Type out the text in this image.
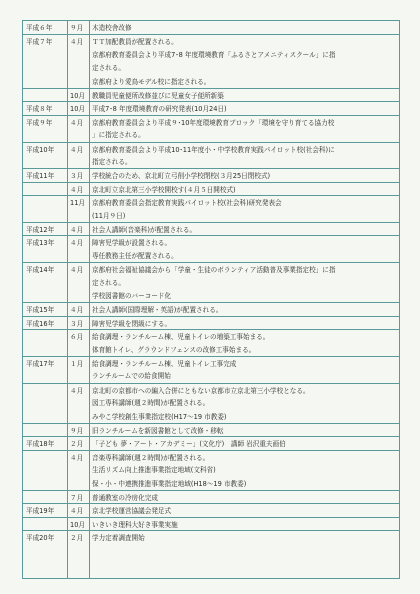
平成６年	９月 木造校舎改修
平成７年	４月 ＴＴ加配教員が配置される。
京都府教育委員会より平成7･8 年度環境教育「ふるさとアメニティスクール」に指
定される。
京都府より愛鳥モデル校に指定される。
10月 教職員児童便所改修並びに児童女子便所新築
平成８年	10月 平成7･8 年度環境教育の研究発表(10月24日)
平成９年	４月 京都府教育委員会より平成９･10年度環境教育ブロック「環境を守り育てる協力校
」に指定される。
平成10年 ４月 京都府教育委員会より平成10･11年度小・中学校教育実践パイロット校(社会科)に
指定される。
平成11年 ３月 学校統合のため、京北町立弓削小学校閉校(３月25日閉校式)
４月 京北町立京北第三小学校開校す(４月５日開校式)
11月 京都府教育委員会指定教育実践パイロット校(社会科)研究発表会
(11月９日)
平成12年 ４月 社会人講師(音楽科)が配置される。
平成13年 ４月 障害児学級が設置される。
専任教務主任が配置される。
平成14年 ４月 京都府社会福祉協議会から「学童・生徒のボランティア活動普及事業指定校」に指
定される。
学校図書館のバーコード化
平成15年 ４月 社会人講師(国際理解・英語)が配置される。
平成16年 ３月 障害児学級を閉級にする。
６月 給食調理・ランチルーム棟、児童トイレの増築工事始まる。
体育館トイレ、グラウンドフェンスの改修工事始まる。
平成17年 １月 給食調理・ランチルーム棟、児童トイレ工事完成
ランチルームでの給食開始
４月 京北町の京都市への編入合併にともない京都市立京北第三小学校となる。
図工専科講師(週２時間)が配置される。
みやこ学校創生事業指定校(H17～19 市教委)
９月 旧ランチルームを新図書館として改修・移転
平成18年 ２月 「子ども 夢・アート・アカデミー」(文化庁)　講師 岩沢重夫画伯
４月 音楽専科講師(週２時間)が配置される。
生活リズム向上推進事業指定地域(文科省)
保・小・中連携推進事業指定地域(H18～19 市教委)
７月 普通教室の冷房化完成
平成19年 ４月 京北学校運営協議会発足式
10月 いきいき理科大好き事業実施
平成20年 ２月 学力定着調査開始
